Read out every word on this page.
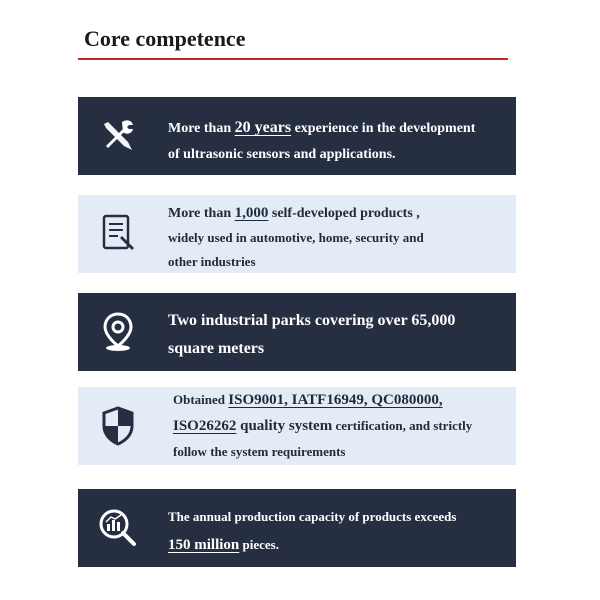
Core competence
More than 20 years experience in the development
of ultrasonic sensors and applications.
More than 1,000 self-developed products ,
widely used in automotive, home, security and
other industries
Two industrial parks covering over 65,000
square meters
Obtained ISO9001, IATF16949, QC080000,
ISO26262 quality system certification, and strictly
follow the system requirements
The annual production capacity of products exceeds
150 million pieces.
